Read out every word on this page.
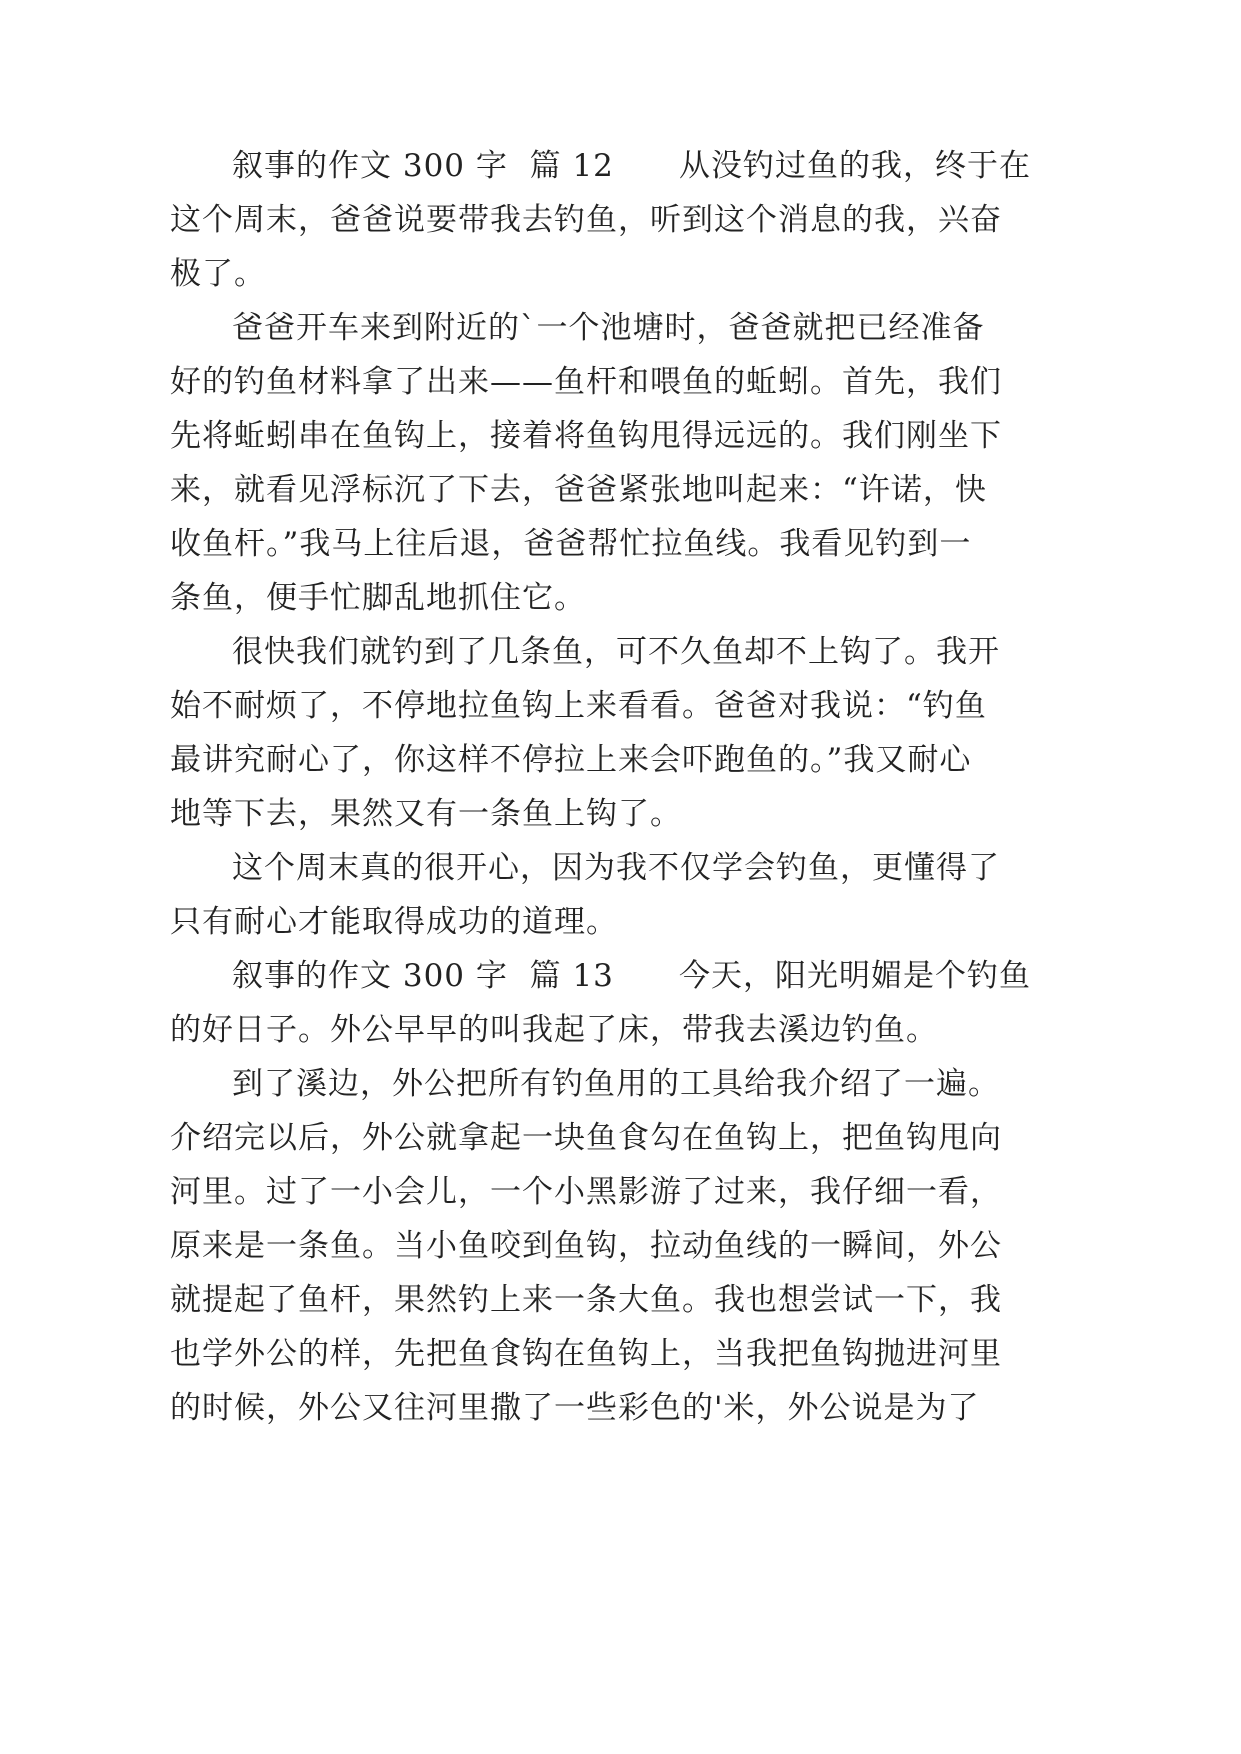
叙事的作文 300 字  篇 12      从没钓过鱼的我，终于在
这个周末，爸爸说要带我去钓鱼，听到这个消息的我，兴奋
极了。
爸爸开车来到附近的`一个池塘时，爸爸就把已经准备
好的钓鱼材料拿了出来——鱼杆和喂鱼的蚯蚓。首先，我们
先将蚯蚓串在鱼钩上，接着将鱼钩甩得远远的。我们刚坐下
来，就看见浮标沉了下去，爸爸紧张地叫起来：“许诺，快
收鱼杆。”我马上往后退，爸爸帮忙拉鱼线。我看见钓到一
条鱼，便手忙脚乱地抓住它。
很快我们就钓到了几条鱼，可不久鱼却不上钩了。我开
始不耐烦了，不停地拉鱼钩上来看看。爸爸对我说：“钓鱼
最讲究耐心了，你这样不停拉上来会吓跑鱼的。”我又耐心
地等下去，果然又有一条鱼上钩了。
这个周末真的很开心，因为我不仅学会钓鱼，更懂得了
只有耐心才能取得成功的道理。
叙事的作文 300 字  篇 13      今天，阳光明媚是个钓鱼
的好日子。外公早早的叫我起了床，带我去溪边钓鱼。
到了溪边，外公把所有钓鱼用的工具给我介绍了一遍。
介绍完以后，外公就拿起一块鱼食勾在鱼钩上，把鱼钩甩向
河里。过了一小会儿，一个小黑影游了过来，我仔细一看，
原来是一条鱼。当小鱼咬到鱼钩，拉动鱼线的一瞬间，外公
就提起了鱼杆，果然钓上来一条大鱼。我也想尝试一下，我
也学外公的样，先把鱼食钩在鱼钩上，当我把鱼钩抛进河里
的时候，外公又往河里撒了一些彩色的'米，外公说是为了
